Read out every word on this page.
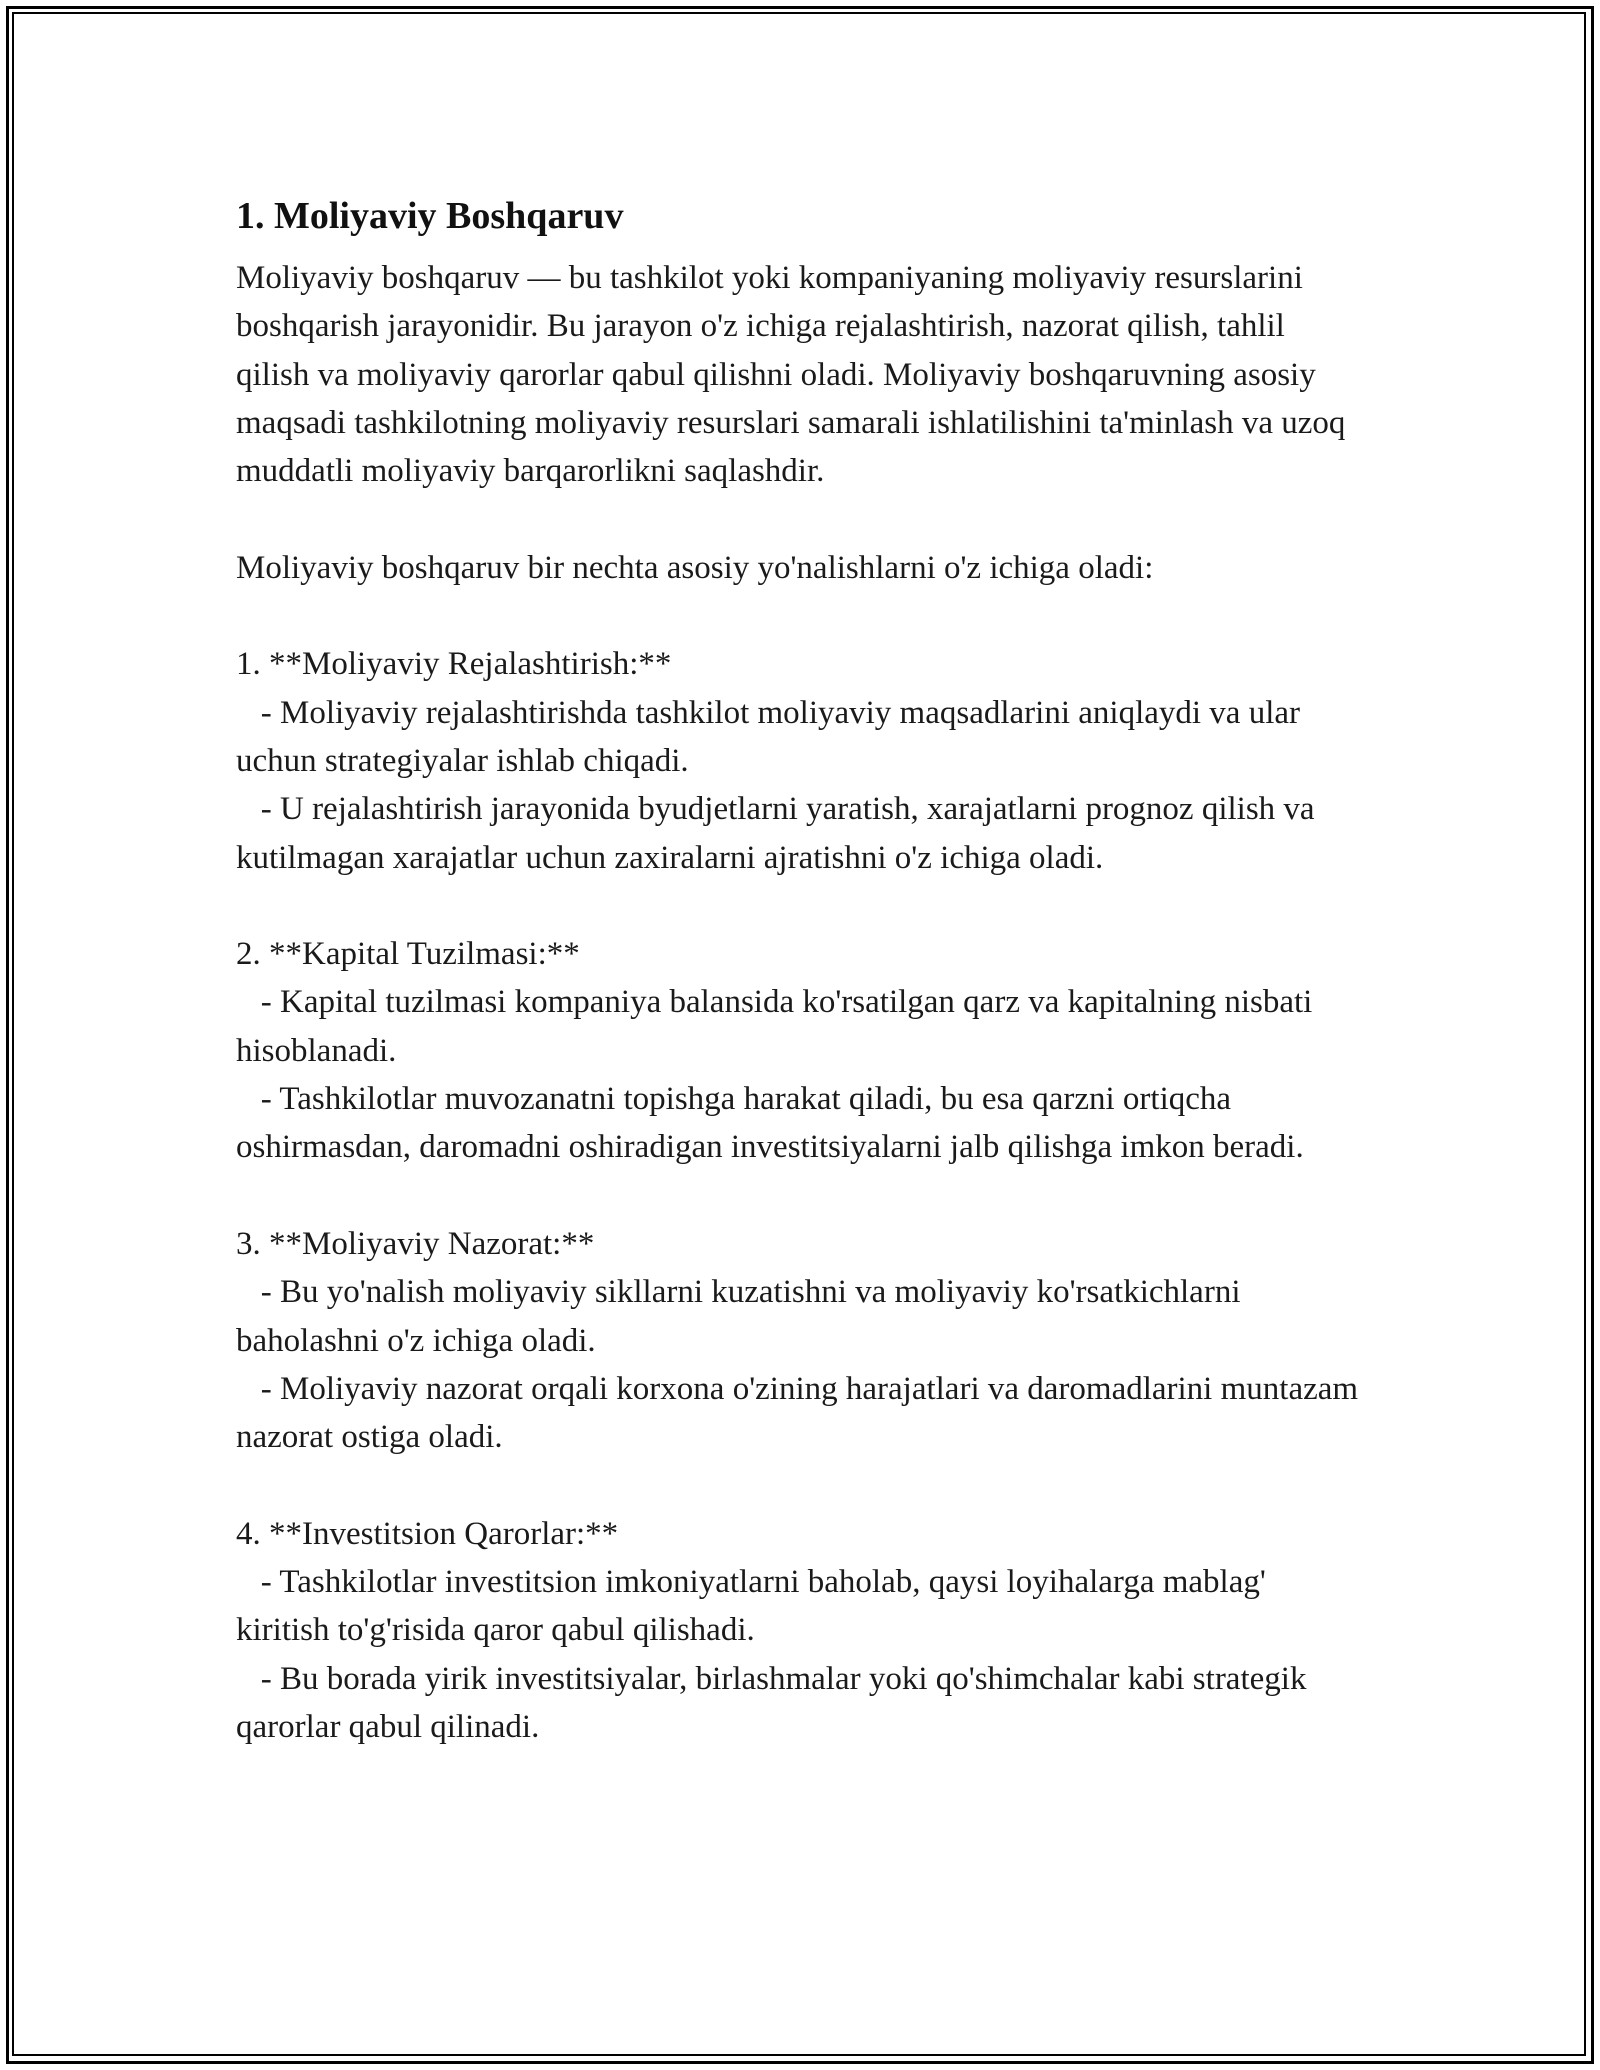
1. Moliyaviy Boshqaruv

Moliyaviy boshqaruv — bu tashkilot yoki kompaniyaning moliyaviy resurslarini boshqarish jarayonidir. Bu jarayon o'z ichiga rejalashtirish, nazorat qilish, tahlil qilish va moliyaviy qarorlar qabul qilishni oladi. Moliyaviy boshqaruvning asosiy maqsadi tashkilotning moliyaviy resurslari samarali ishlatilishini ta'minlash va uzoq muddatli moliyaviy barqarorlikni saqlashdir.

Moliyaviy boshqaruv bir nechta asosiy yo'nalishlarni o'z ichiga oladi:

1. **Moliyaviy Rejalashtirish:**

- Moliyaviy rejalashtirishda tashkilot moliyaviy maqsadlarini aniqlaydi va ular uchun strategiyalar ishlab chiqadi.

- U rejalashtirish jarayonida byudjetlarni yaratish, xarajatlarni prognoz qilish va kutilmagan xarajatlar uchun zaxiralarni ajratishni o'z ichiga oladi.

2. **Kapital Tuzilmasi:**

- Kapital tuzilmasi kompaniya balansida ko'rsatilgan qarz va kapitalning nisbati hisoblanadi.

- Tashkilotlar muvozanatni topishga harakat qiladi, bu esa qarzni ortiqcha oshirmasdan, daromadni oshiradigan investitsiyalarni jalb qilishga imkon beradi.

3. **Moliyaviy Nazorat:**

- Bu yo'nalish moliyaviy sikllarni kuzatishni va moliyaviy ko'rsatkichlarni baholashni o'z ichiga oladi.

- Moliyaviy nazorat orqali korxona o'zining harajatlari va daromadlarini muntazam nazorat ostiga oladi.

4. **Investitsion Qarorlar:**

- Tashkilotlar investitsion imkoniyatlarni baholab, qaysi loyihalarga mablag' kiritish to'g'risida qaror qabul qilishadi.

- Bu borada yirik investitsiyalar, birlashmalar yoki qo'shimchalar kabi strategik qarorlar qabul qilinadi.
